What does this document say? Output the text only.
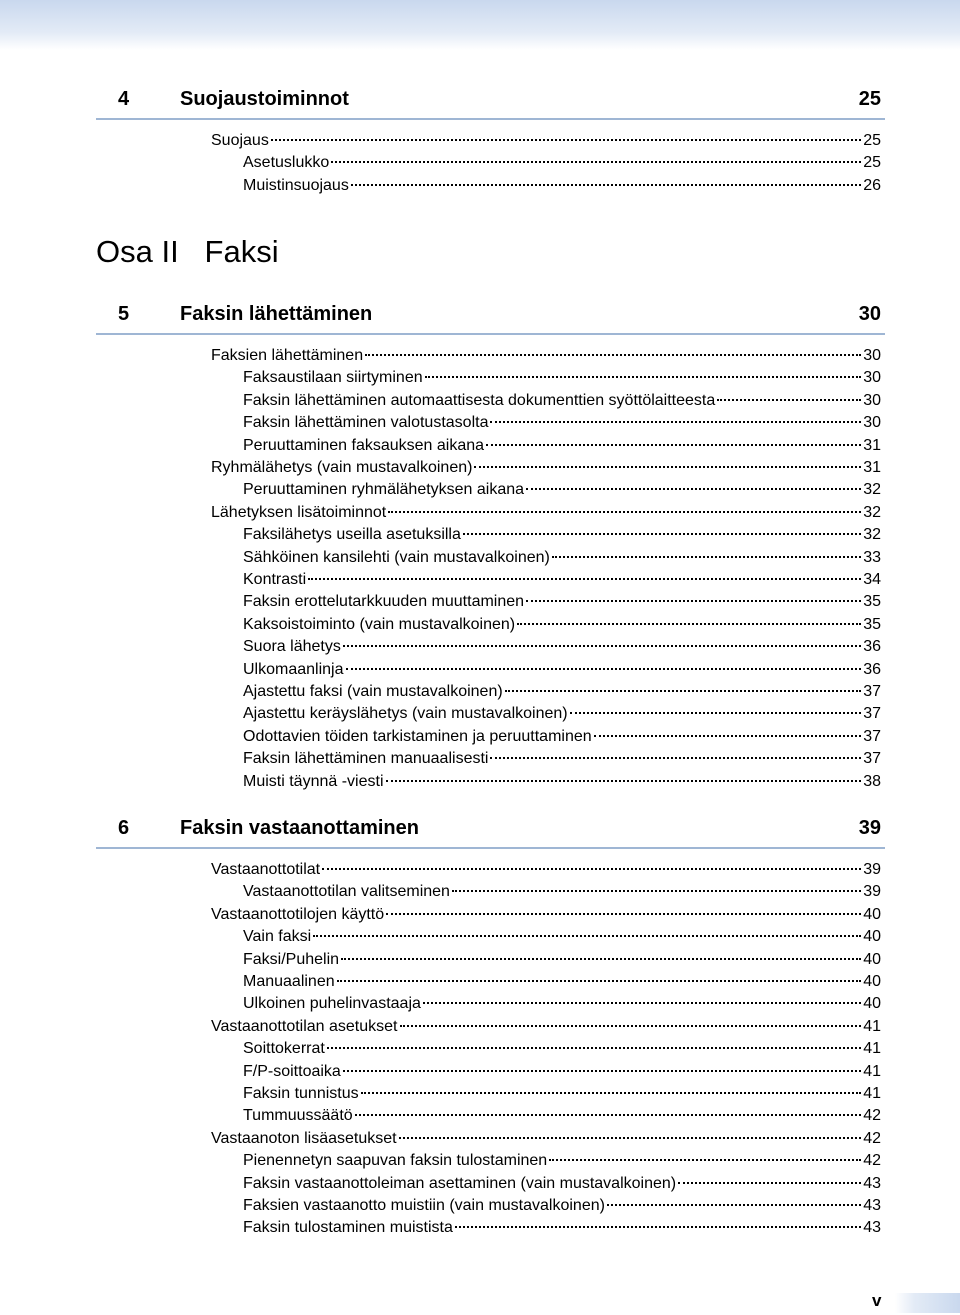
4	Suojaustoiminnot	25
Suojaus	25
Asetuslukko	25
Muistinsuojaus	26
5	Faksin lähettäminen	30
Faksien lähettäminen	30
Faksaustilaan siirtyminen	30
Faksin lähettäminen automaattisesta dokumenttien syöttölaitteesta	30
Faksin lähettäminen valotustasolta	30
Peruuttaminen faksauksen aikana	31
Ryhmälähetys (vain mustavalkoinen)	31
Peruuttaminen ryhmälähetyksen aikana	32
Lähetyksen lisätoiminnot	32
Faksilähetys useilla asetuksilla	32
Sähköinen kansilehti (vain mustavalkoinen)	33
Kontrasti	34
Faksin erottelutarkkuuden muuttaminen	35
Kaksoistoiminto (vain mustavalkoinen)	35
Suora lähetys	36
Ulkomaanlinja	36
Ajastettu faksi (vain mustavalkoinen)	37
Ajastettu keräyslähetys (vain mustavalkoinen)	37
Odottavien töiden tarkistaminen ja peruuttaminen	37
Faksin lähettäminen manuaalisesti	37
Muisti täynnä -viesti	38
6	Faksin vastaanottaminen	39
Vastaanottotilat	39
Vastaanottotilan valitseminen	39
Vastaanottotilojen käyttö	40
Vain faksi	40
Faksi/Puhelin	40
Manuaalinen	40
Ulkoinen puhelinvastaaja	40
Vastaanottotilan asetukset	41
Soittokerrat	41
F/P-soittoaika	41
Faksin tunnistus	41
Tummuussäätö	42
Vastaanoton lisäasetukset	42
Pienennetyn saapuvan faksin tulostaminen	42
Faksin vastaanottoleiman asettaminen (vain mustavalkoinen)	43
Faksien vastaanotto muistiin (vain mustavalkoinen)	43
Faksin tulostaminen muistista	43
Osa II Faksi
v
